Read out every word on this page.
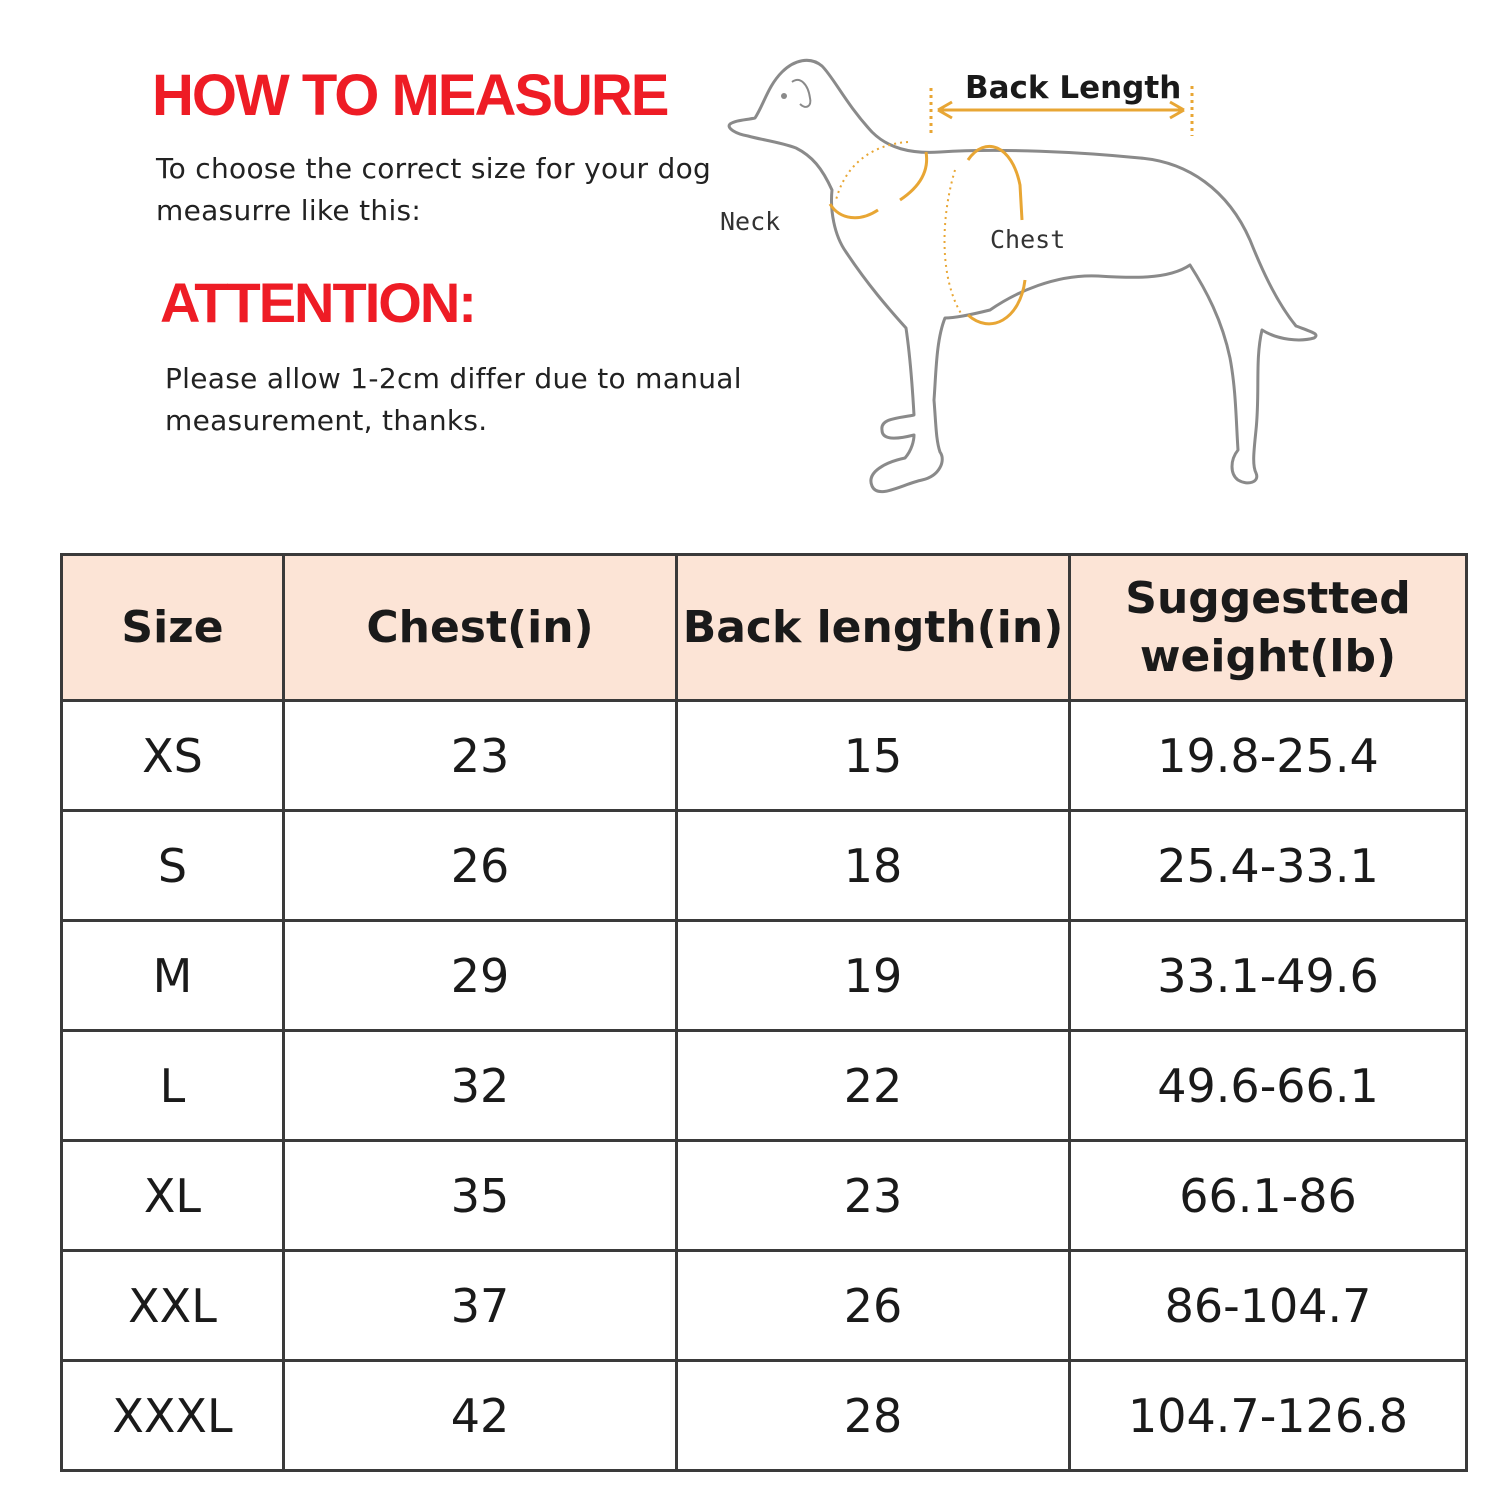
HOW TO MEASURE

To choose the correct size for your dog

measurre like this:

ATTENTION:

Please allow 1-2cm differ due to manual

measurement, thanks.

Back Length
Neck
Chest
Size	Chest(in)	Back length(in)	Suggestted
weight(lb)
XS	23	15	19.8-25.4
S	26	18	25.4-33.1
M	29	19	33.1-49.6
L	32	22	49.6-66.1
XL	35	23	66.1-86
XXL	37	26	86-104.7
XXXL	42	28	104.7-126.8
